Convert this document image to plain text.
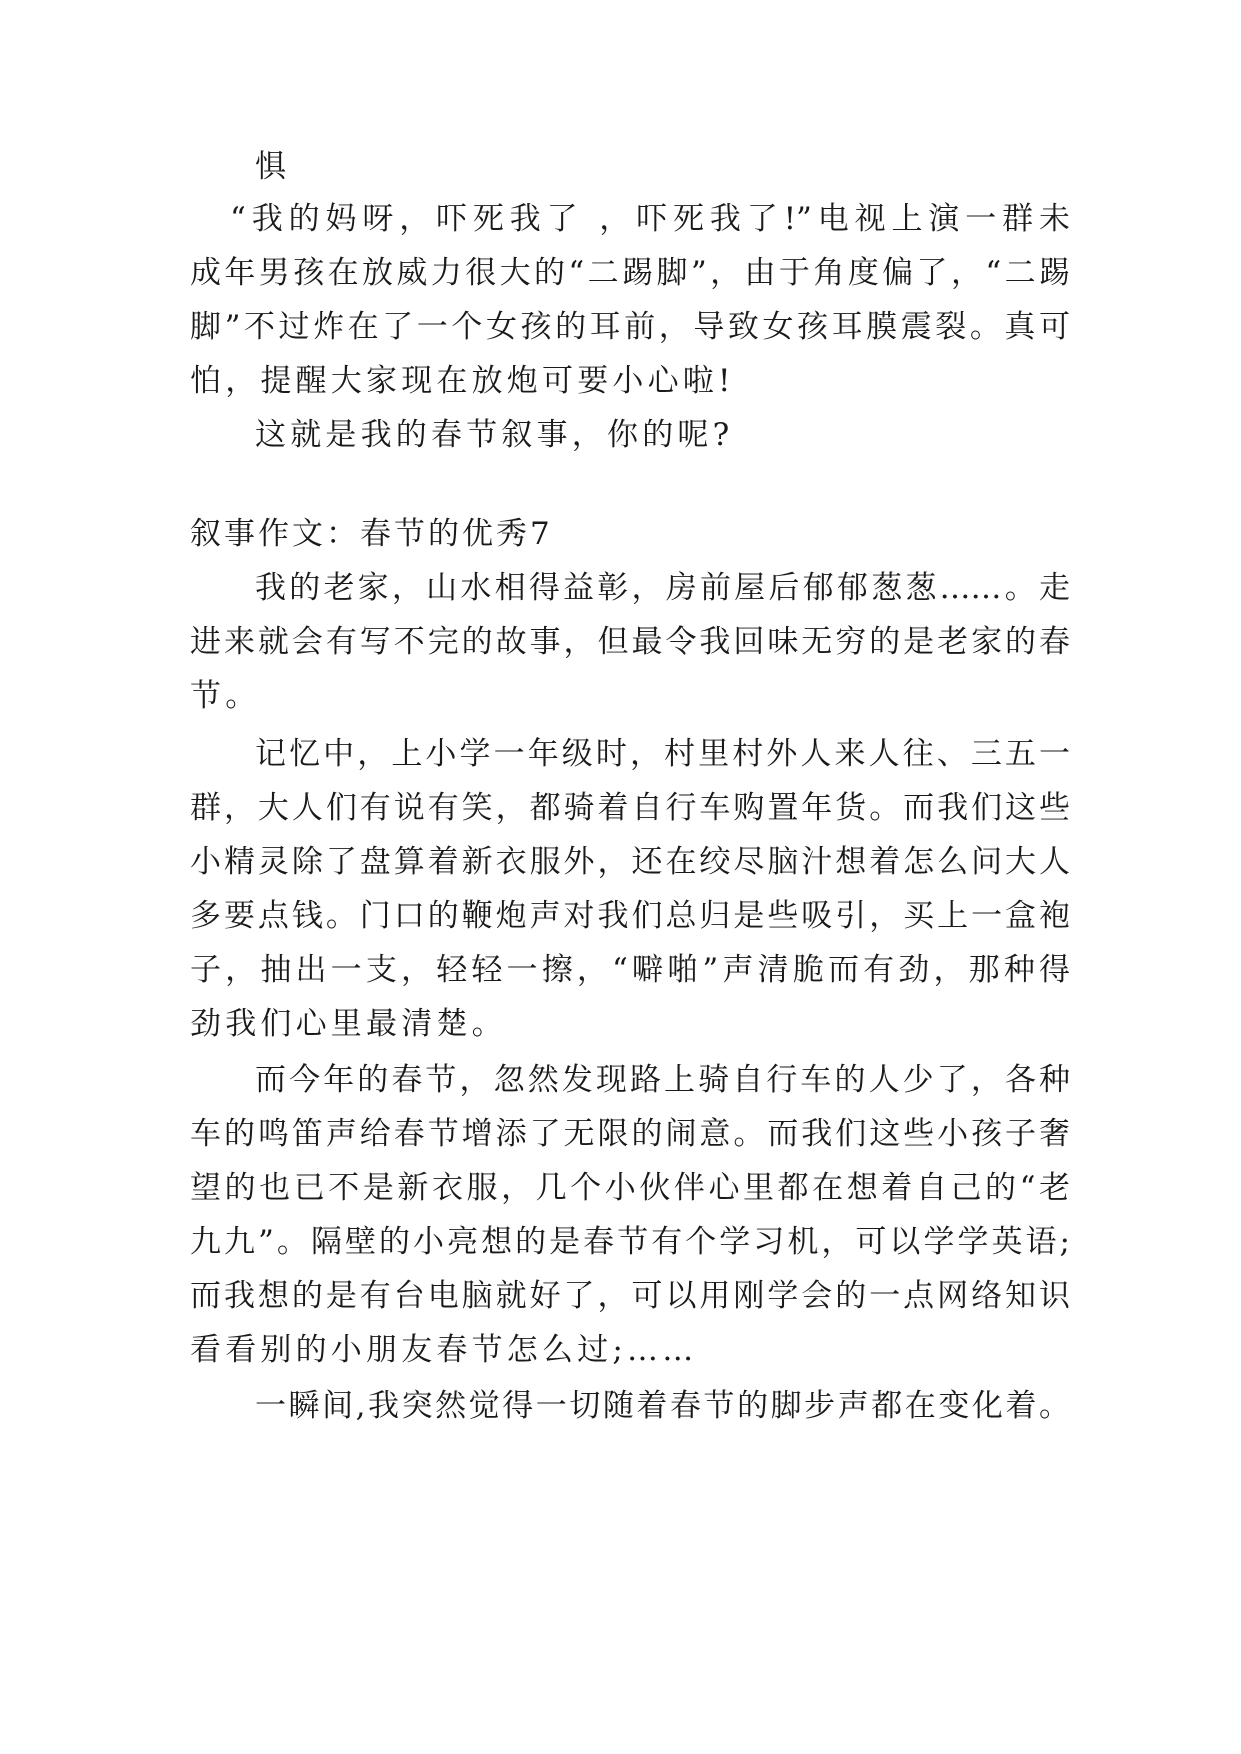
惧
“我的妈呀，吓死我了 ，吓死我了!”电视上演一群未
成年男孩在放威力很大的“二踢脚”，由于角度偏了，“二踢
脚”不过炸在了一个女孩的耳前，导致女孩耳膜震裂。真可
怕，提醒大家现在放炮可要小心啦!
这就是我的春节叙事，你的呢?
叙事作文：春节的优秀7
我的老家，山水相得益彰，房前屋后郁郁葱葱……。走
进来就会有写不完的故事，但最令我回味无穷的是老家的春
节。
记忆中，上小学一年级时，村里村外人来人往、三五一
群，大人们有说有笑，都骑着自行车购置年货。而我们这些
小精灵除了盘算着新衣服外，还在绞尽脑汁想着怎么问大人
多要点钱。门口的鞭炮声对我们总归是些吸引，买上一盒袍
子，抽出一支，轻轻一擦，“噼啪”声清脆而有劲，那种得
劲我们心里最清楚。
而今年的春节，忽然发现路上骑自行车的人少了，各种
车的鸣笛声给春节增添了无限的闹意。而我们这些小孩子奢
望的也已不是新衣服，几个小伙伴心里都在想着自己的“老
九九”。隔壁的小亮想的是春节有个学习机，可以学学英语;
而我想的是有台电脑就好了，可以用刚学会的一点网络知识
看看别的小朋友春节怎么过;……
一瞬间,我突然觉得一切随着春节的脚步声都在变化着。
